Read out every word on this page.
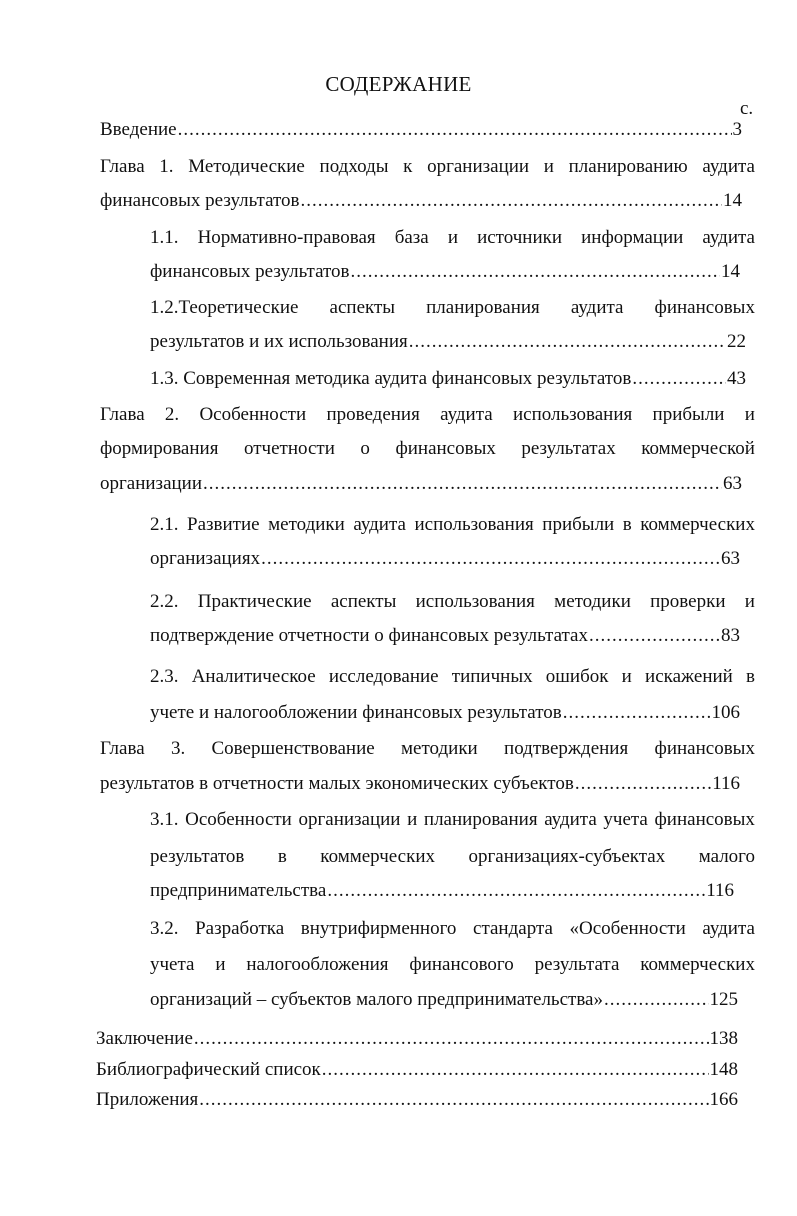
СОДЕРЖАНИЕ
с.
Введение .....	3
Глава 1. Методические подходы к организации и планированию аудита
финансовых результатов .....	14
1.1. Нормативно-правовая база и источники информации аудита
финансовых результатов .....	14
1.2.Теоретические аспекты планирования аудита финансовых
результатов и их использования .....	22
1.3. Современная методика аудита финансовых результатов .....	43
Глава 2. Особенности проведения аудита использования прибыли и
формирования отчетности о финансовых результатах коммерческой
организации .....	63
2.1. Развитие методики аудита использования прибыли в коммерческих
организациях .....	63
2.2. Практические аспекты использования методики проверки и
подтверждение отчетности о финансовых результатах .....	83
2.3. Аналитическое исследование типичных ошибок и искажений в
учете и налогообложении финансовых результатов .....	106
Глава 3. Совершенствование методики подтверждения финансовых
результатов в отчетности малых экономических субъектов .....	116
3.1. Особенности организации и планирования аудита учета финансовых
результатов в коммерческих организациях-субъектах малого
предпринимательства .....	116
3.2. Разработка внутрифирменного стандарта «Особенности аудита
учета и налогообложения финансового результата коммерческих
организаций – субъектов малого предпринимательства» .....	125
Заключение .....	138
Библиографический список .....	148
Приложения .....	166
